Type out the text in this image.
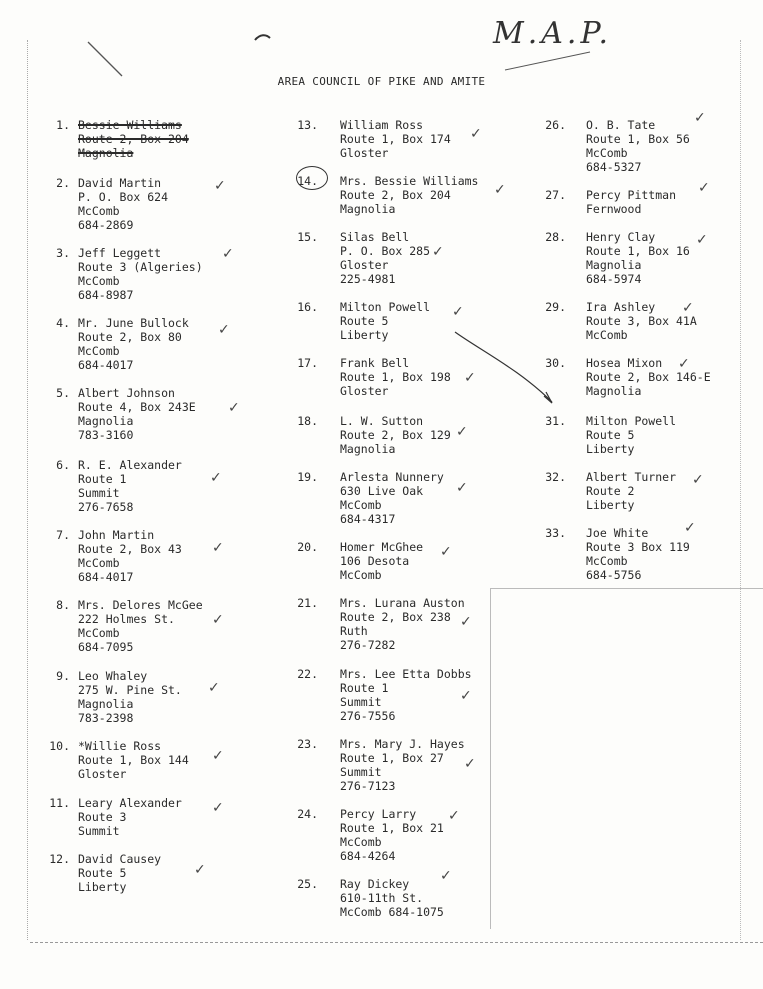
M.A.P.
AREA COUNCIL OF PIKE AND AMITE
1. Bessie Williams
Route 2, Box 204
Magnolia
2. David Martin
P. O. Box 624
McComb
684-2869
3. Jeff Leggett
Route 3 (Algeries)
McComb
684-8987
4. Mr. June Bullock
Route 2, Box 80
McComb
684-4017
5. Albert Johnson
Route 4, Box 243E
Magnolia
783-3160
6. R. E. Alexander
Route 1
Summit
276-7658
7. John Martin
Route 2, Box 43
McComb
684-4017
8. Mrs. Delores McGee
222 Holmes St.
McComb
684-7095
9. Leo Whaley
275 W. Pine St.
Magnolia
783-2398
10. *Willie Ross
Route 1, Box 144
Gloster
11. Leary Alexander
Route 3
Summit
12. David Causey
Route 5
Liberty
13. William Ross
Route 1, Box 174
Gloster
14. Mrs. Bessie Williams
Route 2, Box 204
Magnolia
15. Silas Bell
P. O. Box 285
Gloster
225-4981
16. Milton Powell
Route 5
Liberty
17. Frank Bell
Route 1, Box 198
Gloster
18. L. W. Sutton
Route 2, Box 129
Magnolia
19. Arlesta Nunnery
630 Live Oak
McComb
684-4317
20. Homer McGhee
106 Desota
McComb
21. Mrs. Lurana Auston
Route 2, Box 238
Ruth
276-7282
22. Mrs. Lee Etta Dobbs
Route 1
Summit
276-7556
23. Mrs. Mary J. Hayes
Route 1, Box 27
Summit
276-7123
24. Percy Larry
Route 1, Box 21
McComb
684-4264
25. Ray Dickey
610-11th St.
McComb 684-1075
26. O. B. Tate
Route 1, Box 56
McComb
684-5327
27. Percy Pittman
Fernwood
28. Henry Clay
Route 1, Box 16
Magnolia
684-5974
29. Ira Ashley
Route 3, Box 41A
McComb
30. Hosea Mixon
Route 2, Box 146-E
Magnolia
31. Milton Powell
Route 5
Liberty
32. Albert Turner
Route 2
Liberty
33. Joe White
Route 3 Box 119
McComb
684-5756
✓
✓
✓
✓
✓
✓
✓
✓
✓
✓
✓
✓
✓
✓
✓
✓
✓
✓
✓
✓
✓
✓
✓
✓
✓
✓
✓
✓
✓
✓
✓
